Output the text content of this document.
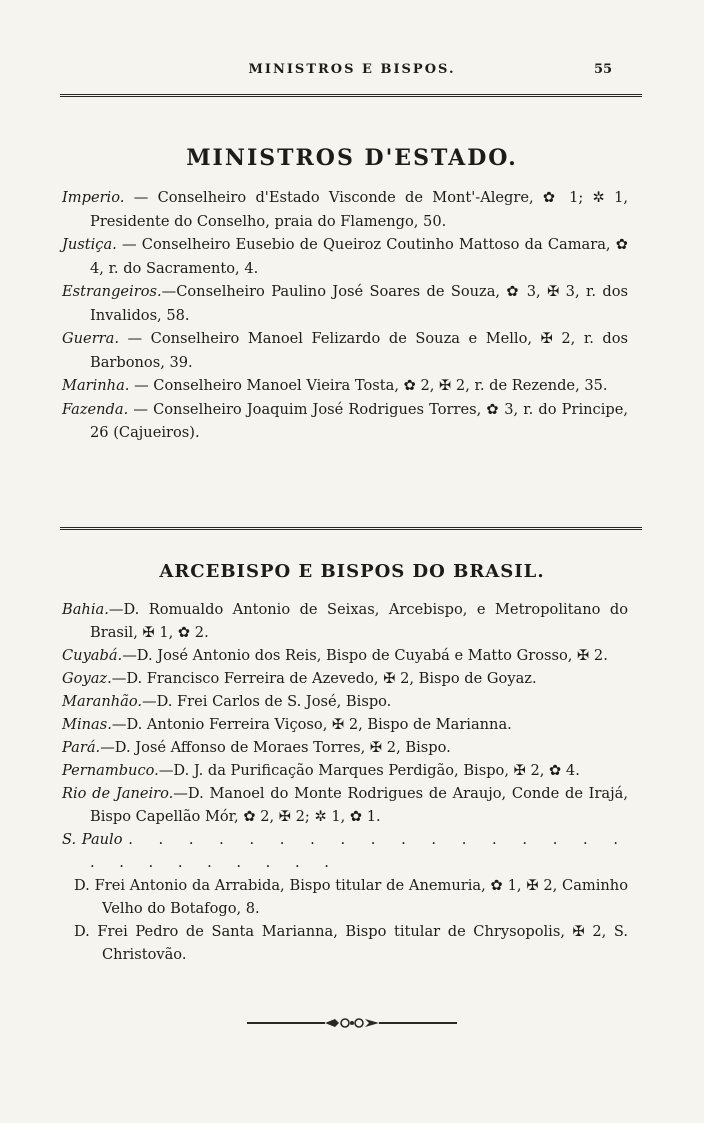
MINISTROS E BISPOS.	55
MINISTROS D'ESTADO.

Imperio. — Conselheiro d'Estado Visconde de Mont'-Alegre, ✿ 1; ✲ 1, Presidente do Conselho, praia do Flamengo, 50.

Justiça. — Conselheiro Euseb​io de Queiroz Coutinho Mattoso da Camara, ✿ 4, r. do Sacramento, 4.

Estrangeiros.—Conselheiro Paulino José Soares de Souza, ✿ 3, ✠ 3, r. dos Invalidos, 58.

Guerra. — Conselheiro Manoel Felizardo de Souza e Mello, ✠ 2, r. dos Barbonos, 39.

Marinha. — Conselheiro Manoel Vieira Tosta, ✿ 2, ✠ 2, r. de Rezende, 35.

Fazenda. — Conselheiro Joaquim José Rodrigues Torres, ✿ 3, r. do Principe, 26 (Cajueiros).

ARCEBISPO E BISPOS DO BRASIL.

Bahia.—D. Romualdo Antonio de Seixas, Arcebispo, e Metropolitano do Brasil, ✠ 1, ✿ 2.

Cuyabá.—D. José Antonio dos Reis, Bispo de Cuyabá e Matto Grosso, ✠ 2.

Goyaz.—D. Francisco Ferreira de Azevedo, ✠ 2, Bispo de Goyaz.

Maranhão.—D. Frei Carlos de S. José, Bispo.

Minas.—D. Antonio Ferreira Viçoso, ✠ 2, Bispo de Marianna.

Pará.—D. José Affonso de Moraes Torres, ✠ 2, Bispo.

Pernambuco.—D. J. da Purificação Marques Perdigão, Bispo, ✠ 2, ✿ 4.

Rio de Janeiro.—D. Manoel do Monte Rodrigues de Araujo, Conde de Irajá, Bispo Capellão Mór, ✿ 2, ✠ 2; ✲ 1, ✿ 1.

S. Paulo . . . . . . . . . . . . . . . . . . . . . . . . . .

D. Frei Antonio da Arrabida, Bispo titular de Anemuria, ✿ 1, ✠ 2, Caminho Velho do Botafogo, 8.

D. Frei Pedro de Santa Marianna, Bispo titular de Chrysopolis, ✠ 2, S. Christovão.
